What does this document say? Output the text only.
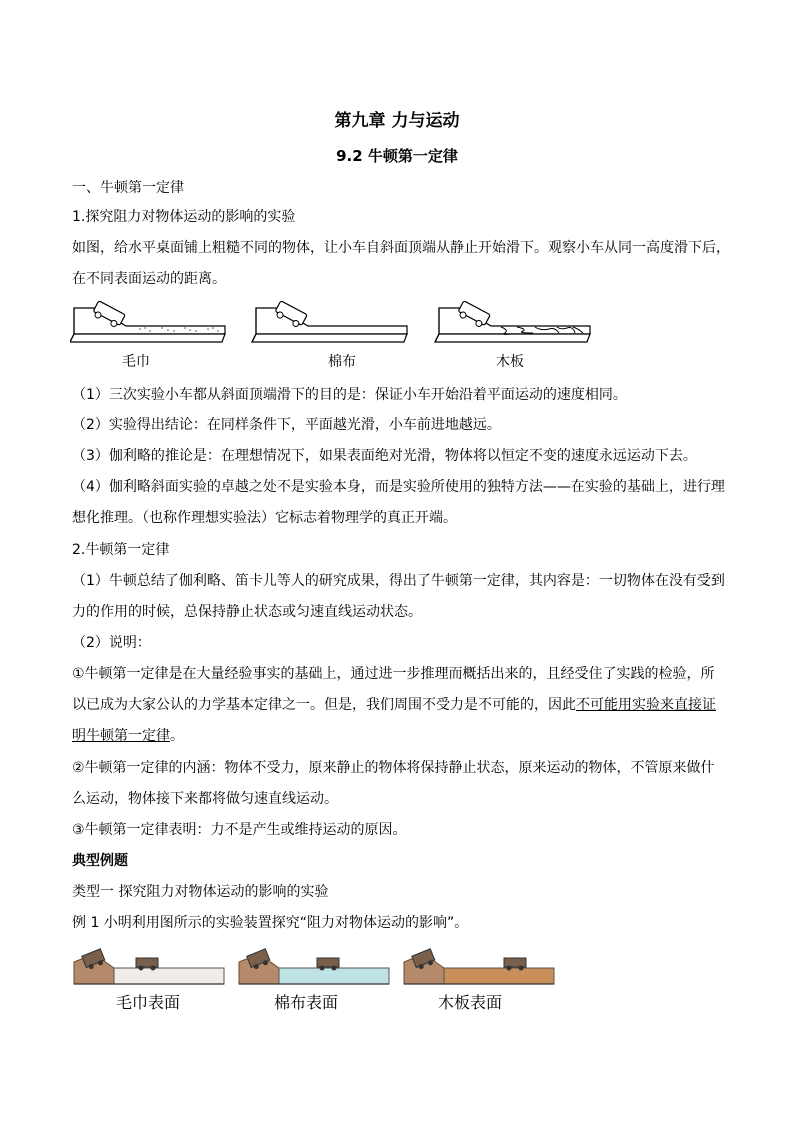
第九章 力与运动
9.2 牛顿第一定律
一、牛顿第一定律
1.探究阻力对物体运动的影响的实验
如图，给水平桌面铺上粗糙不同的物体，让小车自斜面顶端从静止开始滑下。观察小车从同一高度滑下后，
在不同表面运动的距离。
毛巾	棉布	木板
（1）三次实验小车都从斜面顶端滑下的目的是：保证小车开始沿着平面运动的速度相同。
（2）实验得出结论：在同样条件下，平面越光滑，小车前进地越远。
（3）伽利略的推论是：在理想情况下，如果表面绝对光滑，物体将以恒定不变的速度永远运动下去。
（4）伽利略斜面实验的卓越之处不是实验本身，而是实验所使用的独特方法——在实验的基础上，进行理
想化推理。（也称作理想实验法）它标志着物理学的真正开端。
2.牛顿第一定律
（1）牛顿总结了伽利略、笛卡儿等人的研究成果，得出了牛顿第一定律，其内容是：一切物体在没有受到
力的作用的时候，总保持静止状态或匀速直线运动状态。
（2）说明：
①牛顿第一定律是在大量经验事实的基础上，通过进一步推理而概括出来的，且经受住了实践的检验，所
以已成为大家公认的力学基本定律之一。但是，我们周围不受力是不可能的，因此不可能用实验来直接证
明牛顿第一定律。
②牛顿第一定律的内涵：物体不受力，原来静止的物体将保持静止状态，原来运动的物体，不管原来做什
么运动，物体接下来都将做匀速直线运动。
③牛顿第一定律表明：力不是产生或维持运动的原因。
典型例题
类型一 探究阻力对物体运动的影响的实验
例 1 小明利用图所示的实验装置探究“阻力对物体运动的影响”。
毛巾表面	棉布表面	木板表面
